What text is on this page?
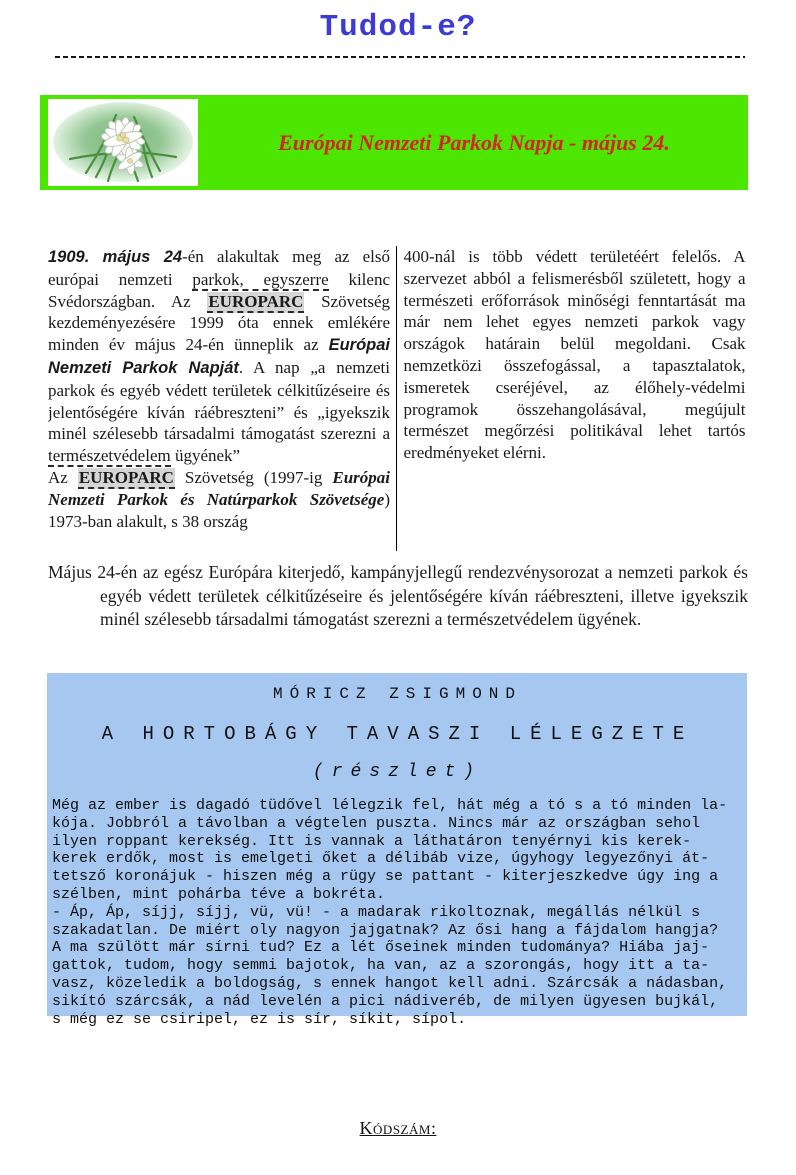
Tudod-e?
Európai Nemzeti Parkok Napja - május 24.

1909. május 24-én alakultak meg az első európai nemzeti parkok, egyszerre kilenc Svédországban. Az EUROPARC Szövetség kezdeményezésére 1999 óta ennek emlékére minden év május 24-én ünneplik az Európai Nemzeti Parkok Napját. A nap „a nemzeti parkok és egyéb védett területek célkitűzéseire és jelentőségére kíván ráébreszteni” és „igyekszik minél szélesebb társadalmi támogatást szerezni a természetvédelem ügyének”

Az EUROPARC Szövetség (1997-ig Európai Nemzeti Parkok és Natúrparkok Szövetsége) 1973-ban alakult, s 38 ország

400-nál is több védett területéért felelős. A szervezet abból a felismerésből született, hogy a természeti erőforrások minőségi fenntartását ma már nem lehet egyes nemzeti parkok vagy országok határain belül megoldani. Csak nemzetközi összefogással, a tapasztalatok, ismeretek cseréjével, az élőhely-védelmi programok összehangolásával, megújult természet megőrzési politikával lehet tartós eredményeket elérni.

Május 24-én az egész Európára kiterjedő, kampányjellegű rendezvénysorozat a nemzeti parkok és egyéb védett területek célkitűzéseire és jelentőségére kíván ráébreszteni, illetve igyekszik minél szélesebb társadalmi támogatást szerezni a természetvédelem ügyének.
MÓRICZ ZSIGMOND
A HORTOBÁGY TAVASZI LÉLEGZETE
(részlet)
Még az ember is dagadó tüdővel lélegzik fel, hát még a tó s a tó minden la-
kója. Jobbról a távolban a végtelen puszta. Nincs már az országban sehol
ilyen roppant kerekség. Itt is vannak a láthatáron tenyérnyi kis kerek-
kerek erdők, most is emelgeti őket a délibáb vize, úgyhogy legyezőnyi át-
tetsző koronájuk - hiszen még a rügy se pattant - kiterjeszkedve úgy ing a
szélben, mint pohárba téve a bokréta.
- Áp, Áp, síjj, síjj, vü, vü! - a madarak rikoltoznak, megállás nélkül s
szakadatlan. De miért oly nagyon jajgatnak? Az ősi hang a fájdalom hangja?
A ma szülött már sírni tud? Ez a lét őseinek minden tudománya? Hiába jaj-
gattok, tudom, hogy semmi bajotok, ha van, az a szorongás, hogy itt a ta-
vasz, közeledik a boldogság, s ennek hangot kell adni. Szárcsák a nádasban,
sikító szárcsák, a nád levelén a pici nádiveréb, de milyen ügyesen bujkál,
s még ez se csiripel, ez is sír, síkit, sípol.
Kódszám:
